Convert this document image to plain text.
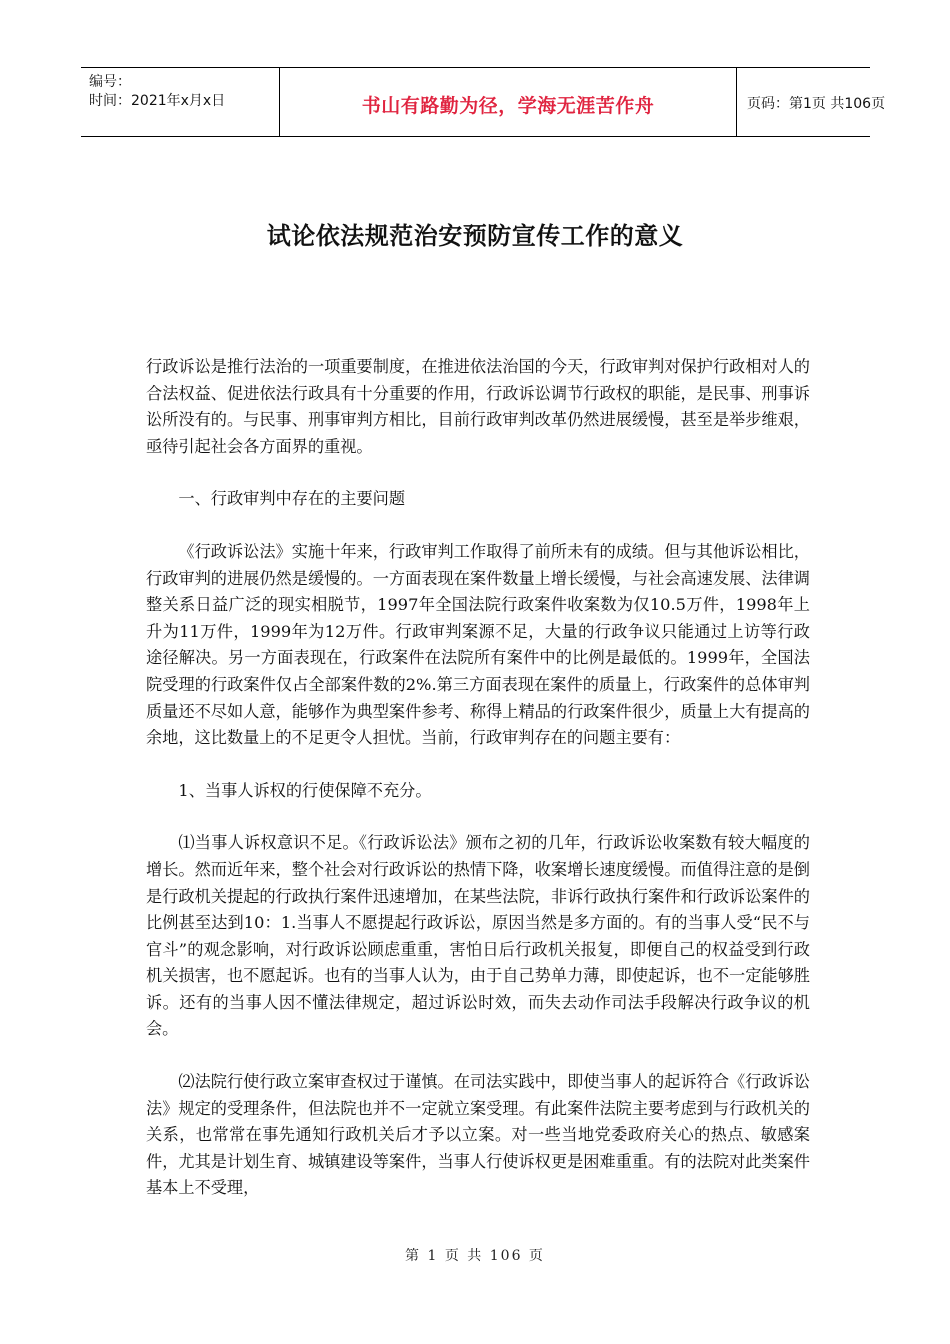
编号：
时间：2021年x月x日	书山有路勤为径，学海无涯苦作舟	页码：第1页 共106页
试论依法规范治安预防宣传工作的意义

行政诉讼是推行法治的一项重要制度，在推进依法治国的今天，行政审判对保护行政相对人的合法权益、促进依法行政具有十分重要的作用，行政诉讼调节行政权的职能，是民事、刑事诉讼所没有的。与民事、刑事审判方相比，目前行政审判改革仍然进展缓慢，甚至是举步维艰，亟待引起社会各方面界的重视。

一、行政审判中存在的主要问题

《行政诉讼法》实施十年来，行政审判工作取得了前所未有的成绩。但与其他诉讼相比，行政审判的进展仍然是缓慢的。一方面表现在案件数量上增长缓慢，与社会高速发展、法律调整关系日益广泛的现实相脱节，1997年全国法院行政案件收案数为仅10.5万件，1998年上升为11万件，1999年为12万件。行政审判案源不足，大量的行政争议只能通过上访等行政途径解决。另一方面表现在，行政案件在法院所有案件中的比例是最低的。1999年，全国法院受理的行政案件仅占全部案件数的2%.第三方面表现在案件的质量上，行政案件的总体审判质量还不尽如人意，能够作为典型案件参考、称得上精品的行政案件很少，质量上大有提高的余地，这比数量上的不足更令人担忧。当前，行政审判存在的问题主要有：

1、当事人诉权的行使保障不充分。

⑴当事人诉权意识不足。《行政诉讼法》颁布之初的几年，行政诉讼收案数有较大幅度的增长。然而近年来，整个社会对行政诉讼的热情下降，收案增长速度缓慢。而值得注意的是倒是行政机关提起的行政执行案件迅速增加，在某些法院，非诉行政执行案件和行政诉讼案件的比例甚至达到10：1.当事人不愿提起行政诉讼，原因当然是多方面的。有的当事人受“民不与官斗”的观念影响，对行政诉讼顾虑重重，害怕日后行政机关报复，即便自己的权益受到行政机关损害，也不愿起诉。也有的当事人认为，由于自己势单力薄，即使起诉，也不一定能够胜诉。还有的当事人因不懂法律规定，超过诉讼时效，而失去动作司法手段解决行政争议的机会。

⑵法院行使行政立案审查权过于谨慎。在司法实践中，即使当事人的起诉符合《行政诉讼法》规定的受理条件，但法院也并不一定就立案受理。有此案件法院主要考虑到与行政机关的关系，也常常在事先通知行政机关后才予以立案。对一些当地党委政府关心的热点、敏感案件，尤其是计划生育、城镇建设等案件，当事人行使诉权更是困难重重。有的法院对此类案件基本上不受理，

第 1 页 共 106 页
